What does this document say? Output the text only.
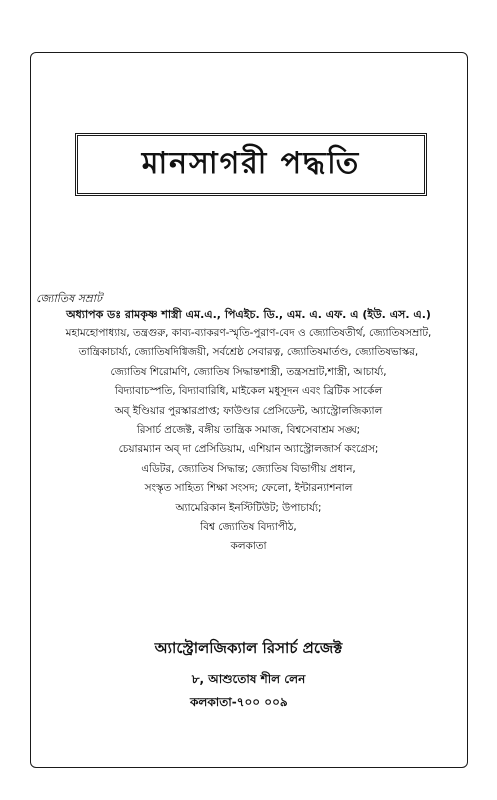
মানসাগরী পদ্ধতি
জ্যোতিষ সম্রাট
অধ্যাপক ডঃ রামকৃষ্ণ শাস্ত্রী এম.এ., পিএইচ. ডি., এম. এ. এফ. এ (ইউ. এস. এ.)
মহামহোপাধ্যায়, তন্ত্রগুরু, কাব্য-ব্যাকরণ-স্মৃতি-পুরাণ-বেদ ও জ্যোতিষতীর্থ, জ্যোতিষসম্রাট,
তান্ত্রিকাচার্য্য, জ্যোতিষদিগ্বিজয়ী, সর্বশ্রেষ্ঠ সেবারত্ন, জ্যোতিষমার্তণ্ড, জ্যোতিষভাস্কর,
জ্যোতিষ শিরোমণি, জ্যোতিষ সিদ্ধান্তশাস্ত্রী, তন্ত্রসম্রাট,শাস্ত্রী, আচার্য্য,
বিদ্যাবাচস্পতি, বিদ্যাবারিধি, মাইকেল মধুসূদন এবং ব্রিটিক সার্কেল
অব্ ইণ্ডিয়ার পুরস্কারপ্রাপ্ত; ফাউণ্ডার প্রেসিডেন্ট, অ্যাস্ট্রোলজিক্যাল
রিসার্চ প্রজেক্ট, বঙ্গীয় তান্ত্রিক সমাজ, বিশ্বসেবাশ্রম সঙ্ঘ;
চেয়ারম্যান অব্ দা প্রেসিডিয়াম, এশিয়ান অ্যাস্ট্রোলজার্স কংগ্রেস;
এডিটর, জ্যোতিষ সিদ্ধান্ত; জ্যোতিষ বিভাগীয় প্রধান,
সংস্কৃত সাহিত্য শিক্ষা সংসদ; ফেলো, ইন্টারন্যাশনাল
অ্যামেরিকান ইনস্টিটিউট; উপাচার্য্য;
বিশ্ব জ্যোতিষ বিদ্যাপীঠ,
কলকাতা
অ্যাস্ট্রোলজিক্যাল রিসার্চ প্রজেক্ট
৮, আশুতোষ শীল লেন
কলকাতা-৭০০ ০০৯
